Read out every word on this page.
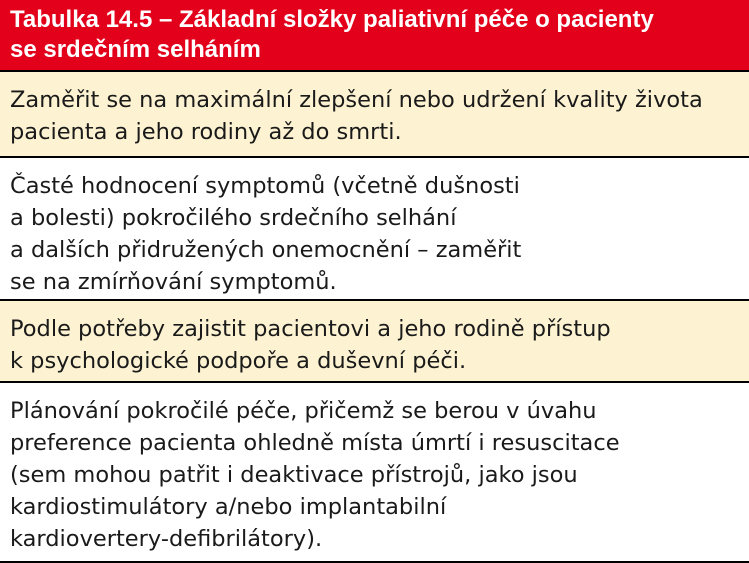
Tabulka 14.5 – Základní složky paliativní péče o pacienty
se srdečním selháním
Zaměřit se na maximální zlepšení nebo udržení kvality života
pacienta a jeho rodiny až do smrti.
Časté hodnocení symptomů (včetně dušnosti
a bolesti) pokročilého srdečního selhání
a dalších přidružených onemocnění – zaměřit
se na zmírňování symptomů.
Podle potřeby zajistit pacientovi a jeho rodině přístup
k psychologické podpoře a duševní péči.
Plánování pokročilé péče, přičemž se berou v úvahu
preference pacienta ohledně místa úmrtí i resuscitace
(sem mohou patřit i deaktivace přístrojů, jako jsou
kardiostimulátory a/nebo implantabilní
kardiovertery-defibrilátory).
